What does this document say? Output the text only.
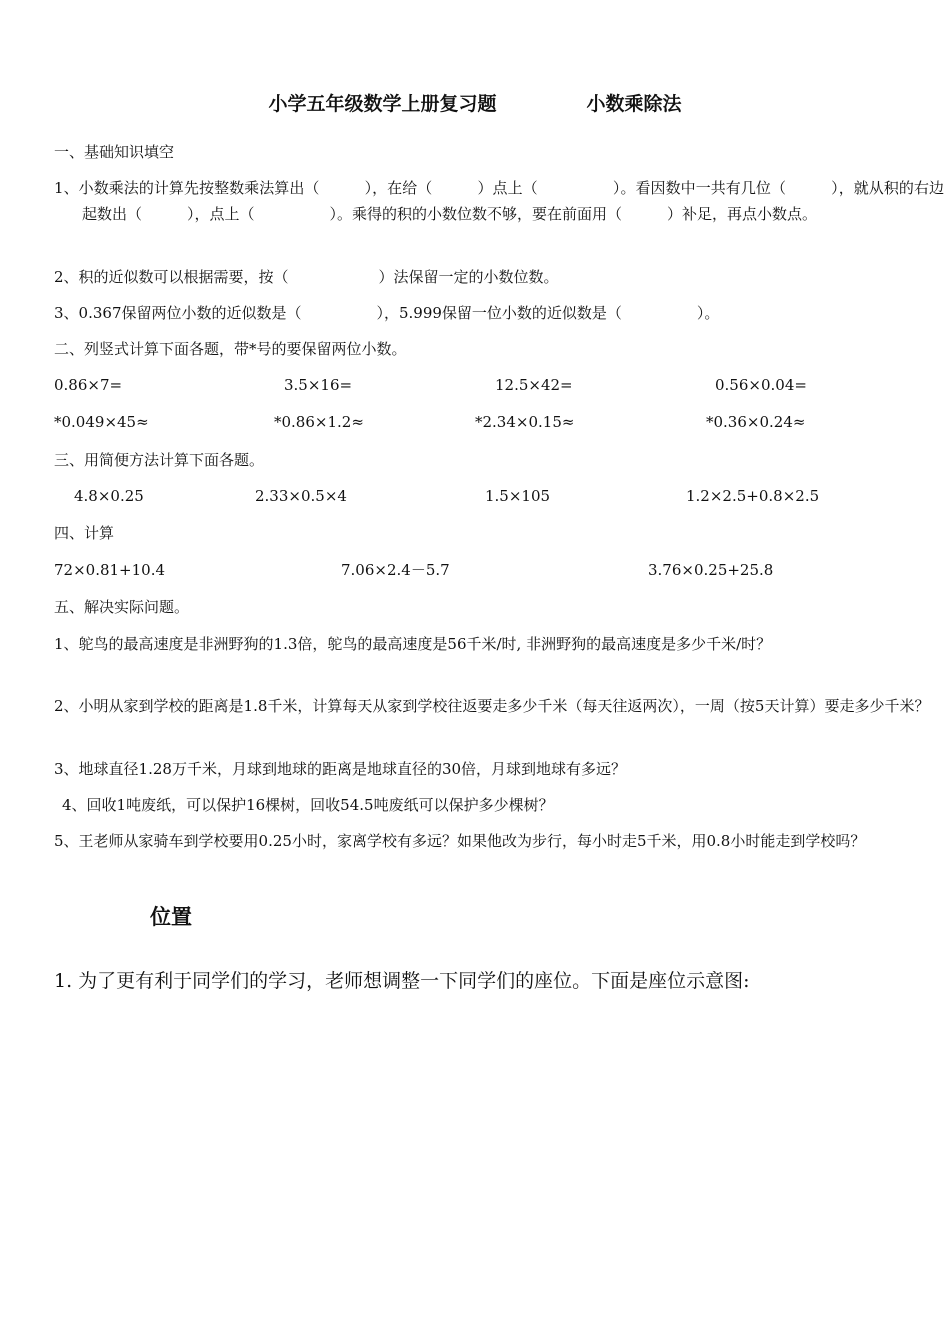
小学五年级数学上册复习题	小数乘除法
一、基础知识填空
1、小数乘法的计算先按整数乘法算出（　　　），在给（　　　）点上（　　　　　）。看因数中一共有几位（　　　），就从积的右边起数出（　　　），点上（　　　　　）。乘得的积的小数位数不够，要在前面用（　　　）补足，再点小数点。
2、积的近似数可以根据需要，按（　　　　　　）法保留一定的小数位数。
3、0.367保留两位小数的近似数是（　　　　　），5.999保留一位小数的近似数是（　　　　　）。
二、列竖式计算下面各题，带*号的要保留两位小数。
0.86×7=	3.5×16=	12.5×42=	0.56×0.04=
*0.049×45≈	*0.86×1.2≈	*2.34×0.15≈	*0.36×0.24≈
三、用简便方法计算下面各题。
4.8×0.25	2.33×0.5×4	1.5×105	1.2×2.5+0.8×2.5
四、计算
72×0.81+10.4	7.06×2.4－5.7	3.76×0.25+25.8
五、解决实际问题。
1、鸵鸟的最高速度是非洲野狗的1.3倍，鸵鸟的最高速度是56千米/时, 非洲野狗的最高速度是多少千米/时？
2、小明从家到学校的距离是1.8千米，计算每天从家到学校往返要走多少千米（每天往返两次），一周（按5天计算）要走多少千米？
3、地球直径1.28万千米，月球到地球的距离是地球直径的30倍，月球到地球有多远？
4、回收1吨废纸，可以保护16棵树，回收54.5吨废纸可以保护多少棵树？
5、王老师从家骑车到学校要用0.25小时，家离学校有多远？如果他改为步行，每小时走5千米，用0.8小时能走到学校吗？
位置
1. 为了更有利于同学们的学习，老师想调整一下同学们的座位。下面是座位示意图:
